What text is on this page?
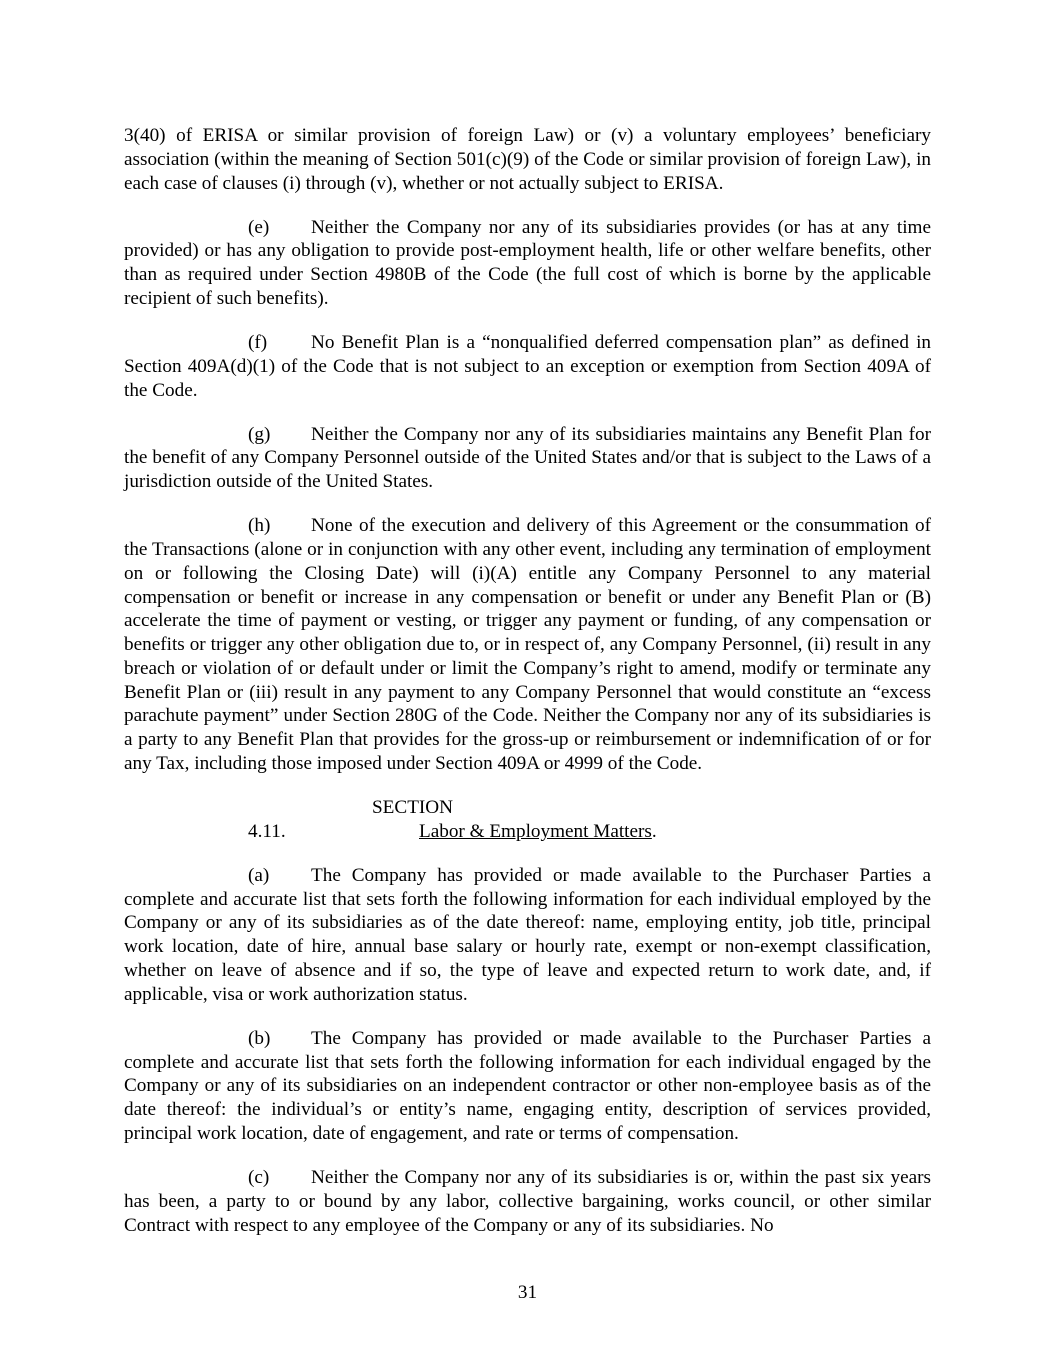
3(40) of ERISA or similar provision of foreign Law) or (v) a voluntary employees’ beneficiary association (within the meaning of Section 501(c)(9) of the Code or similar provision of foreign Law), in each case of clauses (i) through (v), whether or not actually subject to ERISA.

(e) Neither the Company nor any of its subsidiaries provides (or has at any time provided) or has any obligation to provide post-employment health, life or other welfare benefits, other than as required under Section 4980B of the Code (the full cost of which is borne by the applicable recipient of such benefits).

(f) No Benefit Plan is a “nonqualified deferred compensation plan” as defined in Section 409A(d)(1) of the Code that is not subject to an exception or exemption from Section 409A of the Code.

(g) Neither the Company nor any of its subsidiaries maintains any Benefit Plan for the benefit of any Company Personnel outside of the United States and/or that is subject to the Laws of a jurisdiction outside of the United States.

(h) None of the execution and delivery of this Agreement or the consummation of the Transactions (alone or in conjunction with any other event, including any termination of employment on or following the Closing Date) will (i)(A) entitle any Company Personnel to any material compensation or benefit or increase in any compensation or benefit or under any Benefit Plan or (B) accelerate the time of payment or vesting, or trigger any payment or funding, of any compensation or benefits or trigger any other obligation due to, or in respect of, any Company Personnel, (ii) result in any breach or violation of or default under or limit the Company’s right to amend, modify or terminate any Benefit Plan or (iii) result in any payment to any Company Personnel that would constitute an “excess parachute payment” under Section 280G of the Code. Neither the Company nor any of its subsidiaries is a party to any Benefit Plan that provides for the gross-up or reimbursement or indemnification of or for any Tax, including those imposed under Section 409A or 4999 of the Code.

SECTION 4.11.	Labor & Employment Matters.

(a) The Company has provided or made available to the Purchaser Parties a complete and accurate list that sets forth the following information for each individual employed by the Company or any of its subsidiaries as of the date thereof: name, employing entity, job title, principal work location, date of hire, annual base salary or hourly rate, exempt or non-exempt classification, whether on leave of absence and if so, the type of leave and expected return to work date, and, if applicable, visa or work authorization status.

(b) The Company has provided or made available to the Purchaser Parties a complete and accurate list that sets forth the following information for each individual engaged by the Company or any of its subsidiaries on an independent contractor or other non-employee basis as of the date thereof: the individual’s or entity’s name, engaging entity, description of services provided, principal work location, date of engagement, and rate or terms of compensation.

(c) Neither the Company nor any of its subsidiaries is or, within the past six years has been, a party to or bound by any labor, collective bargaining, works council, or other similar Contract with respect to any employee of the Company or any of its subsidiaries. No

31
